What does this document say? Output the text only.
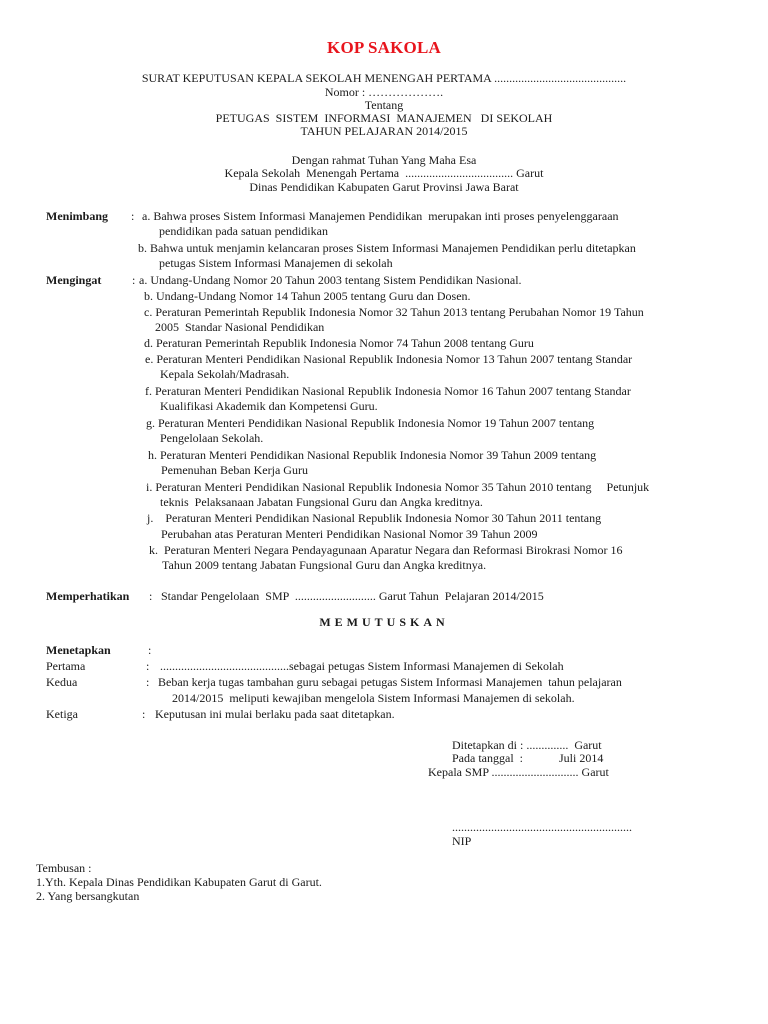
KOP SAKOLA
SURAT KEPUTUSAN KEPALA SEKOLAH MENENGAH PERTAMA ............................................
Nomor : ……………….
Tentang
PETUGAS  SISTEM  INFORMASI  MANAJEMEN   DI SEKOLAH
TAHUN PELAJARAN 2014/2015
Dengan rahmat Tuhan Yang Maha Esa
Kepala Sekolah  Menengah Pertama  .................................... Garut
Dinas Pendidikan Kabupaten Garut Provinsi Jawa Barat
Menimbang : a. Bahwa proses Sistem Informasi Manajemen Pendidikan  merupakan inti proses penyelenggaraan
pendidikan pada satuan pendidikan
b. Bahwa untuk menjamin kelancaran proses Sistem Informasi Manajemen Pendidikan perlu ditetapkan
petugas Sistem Informasi Manajemen di sekolah
Mengingat	: a. Undang-Undang Nomor 20 Tahun 2003 tentang Sistem Pendidikan Nasional.
b. Undang-Undang Nomor 14 Tahun 2005 tentang Guru dan Dosen.
c. Peraturan Pemerintah Republik Indonesia Nomor 32 Tahun 2013 tentang Perubahan Nomor 19 Tahun
2005  Standar Nasional Pendidikan
d. Peraturan Pemerintah Republik Indonesia Nomor 74 Tahun 2008 tentang Guru
e. Peraturan Menteri Pendidikan Nasional Republik Indonesia Nomor 13 Tahun 2007 tentang Standar
Kepala Sekolah/Madrasah.
f. Peraturan Menteri Pendidikan Nasional Republik Indonesia Nomor 16 Tahun 2007 tentang Standar
Kualifikasi Akademik dan Kompetensi Guru.
g. Peraturan Menteri Pendidikan Nasional Republik Indonesia Nomor 19 Tahun 2007 tentang
Pengelolaan Sekolah.
h. Peraturan Menteri Pendidikan Nasional Republik Indonesia Nomor 39 Tahun 2009 tentang
Pemenuhan Beban Kerja Guru
i. Peraturan Menteri Pendidikan Nasional Republik Indonesia Nomor 35 Tahun 2010 tentang     Petunjuk
teknis  Pelaksanaan Jabatan Fungsional Guru dan Angka kreditnya.
j.    Peraturan Menteri Pendidikan Nasional Republik Indonesia Nomor 30 Tahun 2011 tentang
Perubahan atas Peraturan Menteri Pendidikan Nasional Nomor 39 Tahun 2009
k.  Peraturan Menteri Negara Pendayagunaan Aparatur Negara dan Reformasi Birokrasi Nomor 16
Tahun 2009 tentang Jabatan Fungsional Guru dan Angka kreditnya.
Memperhatikan : Standar Pengelolaan  SMP  ........................... Garut Tahun  Pelajaran 2014/2015
MEMUTUSKAN
Menetapkan	:
Pertama	: ...........................................sebagai petugas Sistem Informasi Manajemen di Sekolah
Kedua	: Beban kerja tugas tambahan guru sebagai petugas Sistem Informasi Manajemen  tahun pelajaran
2014/2015  meliputi kewajiban mengelola Sistem Informasi Manajemen di sekolah.
Ketiga	: Keputusan ini mulai berlaku pada saat ditetapkan.
Ditetapkan di : ..............  Garut
Pada tanggal  :            Juli 2014
Kepala SMP ............................. Garut
............................................................
NIP
Tembusan :
1.Yth. Kepala Dinas Pendidikan Kabupaten Garut di Garut.
2. Yang bersangkutan
